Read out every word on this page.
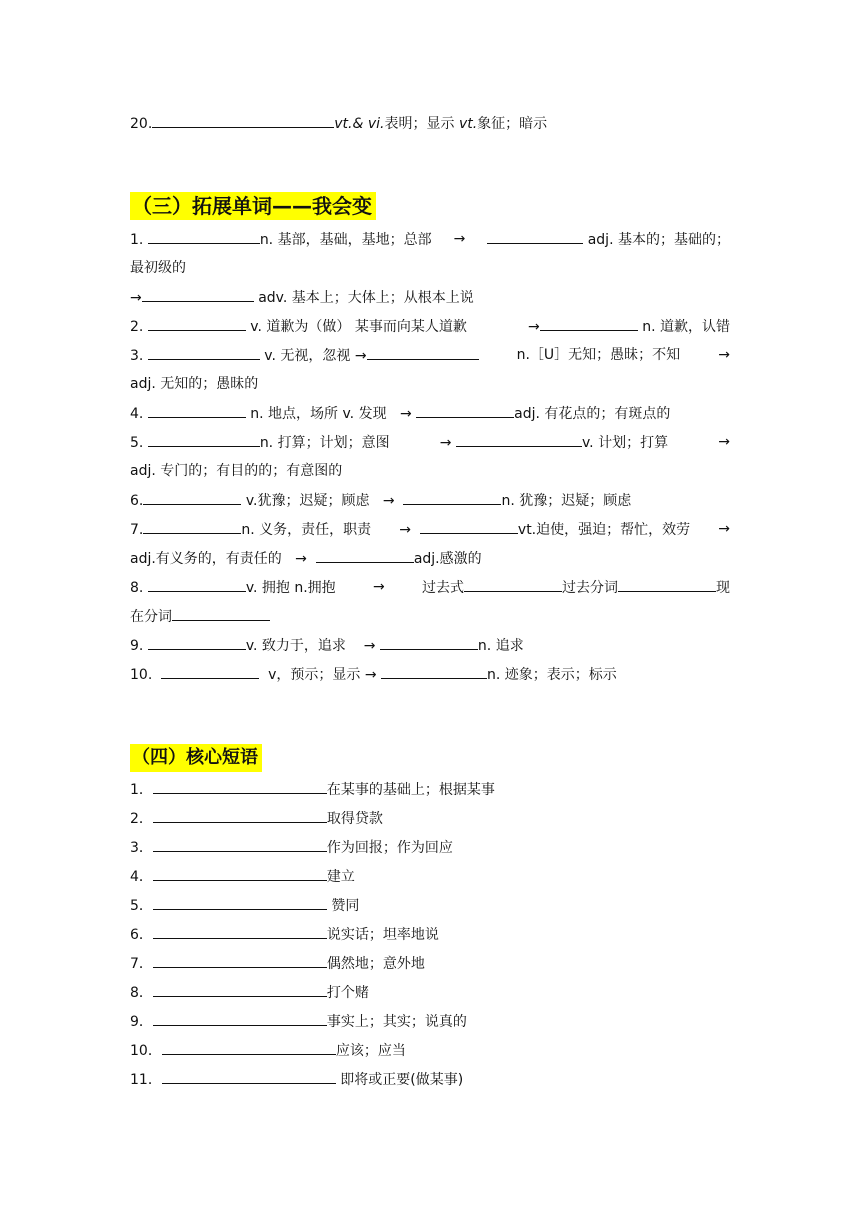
20.	vt.& vi.表明；显示 vt.象征；暗示
（三）拓展单词——我会变
1.	n. 基部，基础，基地；总部 →	adj. 基本的；基础的；
最初级的
→	adv. 基本上；大体上；从根本上说
2.	v. 道歉为（做） 某事而向某人道歉	→	n. 道歉，认错
3.	v. 无视，忽视 →	n.［U］无知；愚昧；不知	→
adj. 无知的；愚昧的
4.	n. 地点，场所 v. 发现 →	adj. 有花点的；有斑点的
5.	n. 打算；计划；意图	→	v. 计划；打算	→
adj. 专门的；有目的的；有意图的
6.	v.犹豫；迟疑；顾虑 →	n. 犹豫；迟疑；顾虑
7.	n. 义务，责任，职责 →	vt.迫使，强迫；帮忙，效劳 →
adj.有义务的，有责任的 →	adj.感激的
8.	v. 拥抱 n.拥抱	→	过去式	过去分词	现
在分词
9.	v. 致力于，追求 →	n. 追求
10.	v，预示；显示 →	n. 迹象；表示；标示
（四）核心短语
1．	在某事的基础上；根据某事
2．	取得贷款
3．	作为回报；作为回应
4．	建立
5．	赞同
6．	说实话；坦率地说
7．	偶然地；意外地
8．	打个赌
9．	事实上；其实；说真的
10．	应该；应当
11．	即将或正要(做某事)
